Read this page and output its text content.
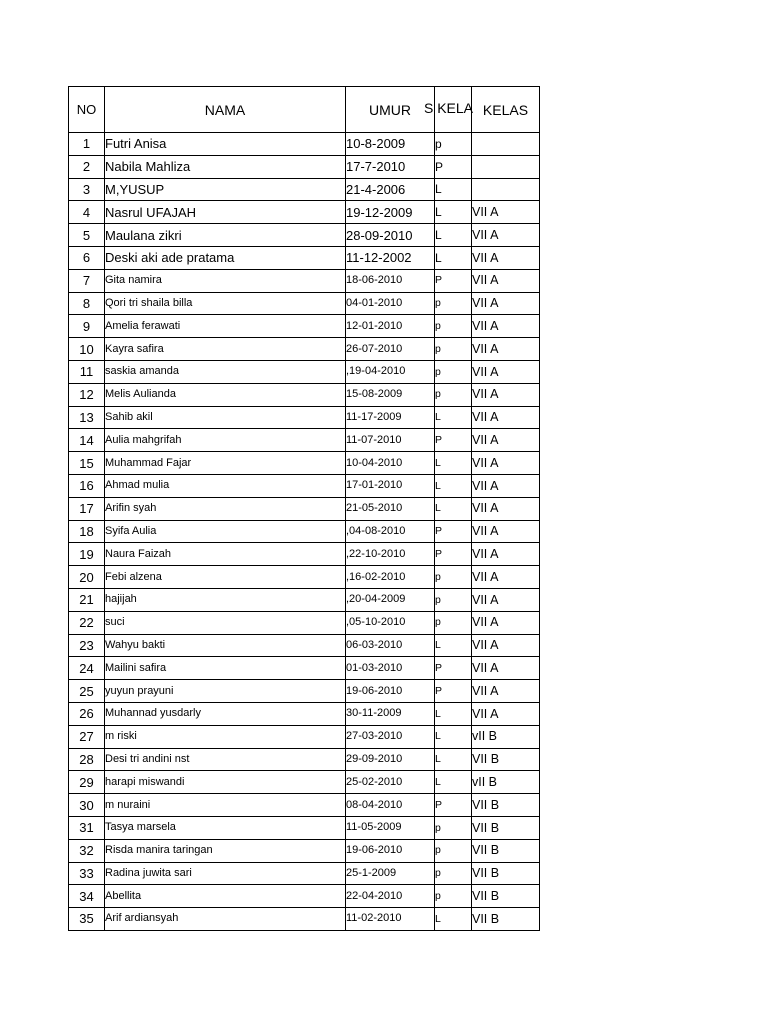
NO	NAMA	UMUR	S KELA	KELAS
1	Futri Anisa	10-8-2009	p	
2	Nabila Mahliza	17-7-2010	P	
3	M,YUSUP	21-4-2006	L	
4	Nasrul UFAJAH	19-12-2009	L	VII A
5	Maulana zikri	28-09-2010	L	VII A
6	Deski aki ade pratama	11-12-2002	L	VII A
7	Gita namira	18-06-2010	P	VII A
8	Qori tri shaila billa	04-01-2010	p	VII A
9	Amelia ferawati	12-01-2010	p	VII A
10	Kayra safira	26-07-2010	p	VII A
11	saskia amanda	,19-04-2010	p	VII A
12	Melis Aulianda	15-08-2009	p	VII A
13	Sahib akil	11-17-2009	L	VII A
14	Aulia mahgrifah	11-07-2010	P	VII A
15	Muhammad Fajar	10-04-2010	L	VII A
16	Ahmad mulia	17-01-2010	L	VII A
17	Arifin syah	21-05-2010	L	VII A
18	Syifa Aulia	,04-08-2010	P	VII A
19	Naura Faizah	,22-10-2010	P	VII A
20	Febi alzena	,16-02-2010	p	VII A
21	hajijah	,20-04-2009	p	VII A
22	suci	,05-10-2010	p	VII A
23	Wahyu bakti	06-03-2010	L	VII A
24	Mailini safira	01-03-2010	P	VII A
25	yuyun prayuni	19-06-2010	P	VII A
26	Muhannad yusdarly	30-11-2009	L	VII A
27	m riski	27-03-2010	L	vII B
28	Desi tri andini nst	29-09-2010	L	VII B
29	harapi miswandi	25-02-2010	L	vII B
30	m nuraini	08-04-2010	P	VII B
31	Tasya marsela	11-05-2009	p	VII B
32	Risda manira taringan	19-06-2010	p	VII B
33	Radina juwita sari	25-1-2009	p	VII B
34	Abellita	22-04-2010	p	VII B
35	Arif ardiansyah	11-02-2010	L	VII B
